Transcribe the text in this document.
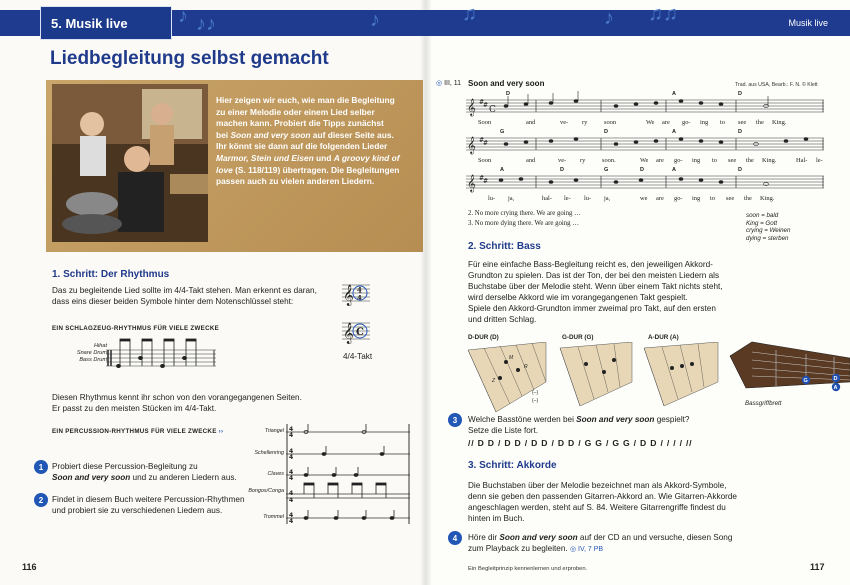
5. Musik live	Musik live
♪ ♪♪	♪	♫	♪ ♫♫
Liedbegleitung selbst gemacht
Hier zeigen wir euch, wie man die Begleitung
zu einer Melodie oder einem Lied selber
machen kann. Probiert die Tipps zunächst
bei Soon and very soon auf dieser Seite aus.
Ihr könnt sie dann auf die folgenden Lieder
Marmor, Stein und Eisen und A groovy kind of
love (S. 118/119) übertragen. Die Begleitungen
passen auch zu vielen anderen Liedern.
1. Schritt: Der Rhythmus
Das zu begleitende Lied sollte im 4/4-Takt stehen. Man erkennt es daran,
dass eins dieser beiden Symbole hinter dem Notenschlüssel steht:	𝄞 4
4
𝄞 C
4/4-Takt
EIN SCHLAGZEUG-RHYTHMUS FÜR VIELE ZWECKE
Hihat
Snare Drum
Bass Drum
Diesen Rhythmus kennt ihr schon von den vorangegangenen Seiten.
Er passt zu den meisten Stücken im 4/4-Takt.
EIN PERCUSSION-RHYTHMUS FÜR VIELE ZWECKE ››	Triangel
Schellenring
Claves
Bongos/Conga
Trommel
4
4
4
4
4
4
4
4
4
4
1	Probiert diese Percussion-Begleitung zu
Soon and very soon und zu anderen Liedern aus.
2	Findet in diesem Buch weitere Percussion-Rhythmen
und probiert sie zu verschiedenen Liedern aus.
116
◎ III, 11 Soon and very soon	Trad. aus USA, Bearb.: F. N. © Klett
𝄞
𝄞
𝄞
#
#
#
#
#
#
C
D	A	D
G	D	A	D
A	D	G	D	A	D
Soon	and	ve- ry	soon	We are go- ing to see the King.
Soon	and	ve- ry	soon.	We are go- ing to see the King.	Hal- le-
lu- ja,	hal- le- lu- ja,	we are go- ing to see the King.
2. No more crying there. We are going …
3. No more dying there. We are going …
soon = bald
King = Gott
crying = Weinen
dying = sterben
2. Schritt: Bass
Für eine einfache Bass-Begleitung reicht es, den jeweiligen Akkord-
Grundton zu spielen. Das ist der Ton, der bei den meisten Liedern als
Buchstabe über der Melodie steht. Wenn über einem Takt nichts steht,
wird derselbe Akkord wie im vorangegangenen Takt gespielt.
Spiele den Akkord-Grundton immer zweimal pro Takt, auf den ersten
und dritten Schlag.
D-DUR (D)	G-DUR (G)	A-DUR (A)
M
R
Z
(–)
(–)
G	D
A
Bassgriffbrett
3	Welche Basstöne werden bei Soon and very soon gespielt?
Setze die Liste fort.
// D D / D D / D D / D D / G G / G G / D D / / / / //
3. Schritt: Akkorde
Die Buchstaben über der Melodie bezeichnet man als Akkord-Symbole,
denn sie geben den passenden Gitarren-Akkord an. Wie Gitarren-Akkorde
angeschlagen werden, steht auf S. 84. Weitere Gitarrengriffe findest du
hinten im Buch.
4	Höre dir Soon and very soon auf der CD an und versuche, diesen Song
zum Playback zu begleiten. ◎ IV, 7 PB
Ein Begleitprinzip kennenlernen und erproben.	117
